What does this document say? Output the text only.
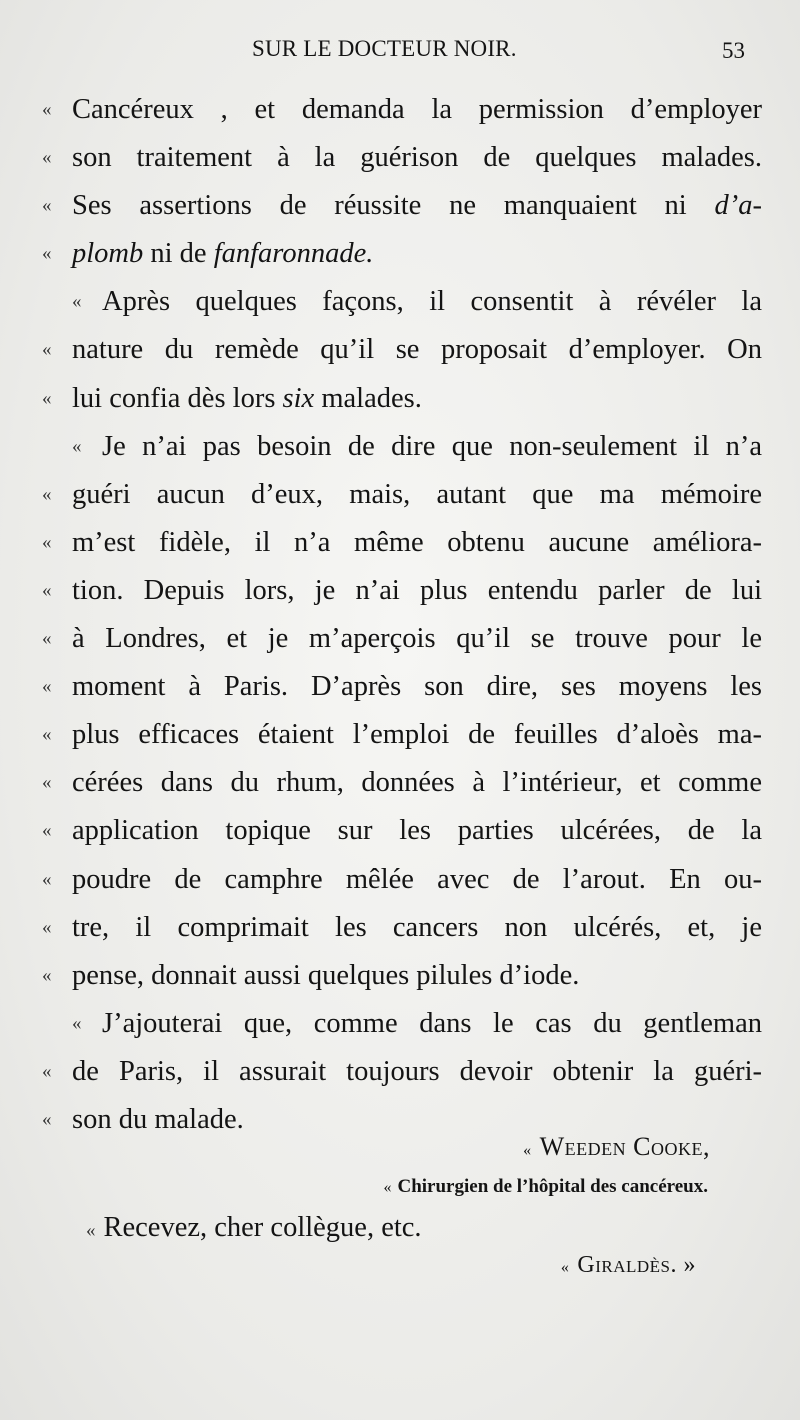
SUR LE DOCTEUR NOIR.	53
« Cancéreux , et demanda la permission d’employer
« son traitement à la guérison de quelques malades.
« Ses assertions de réussite ne manquaient ni d’a-
« plomb ni de fanfaronnade.
« Après quelques façons, il consentit à révéler la
« nature du remède qu’il se proposait d’employer. On
« lui confia dès lors six malades.
« Je n’ai pas besoin de dire que non-seulement il n’a
« guéri aucun d’eux, mais, autant que ma mémoire
« m’est fidèle, il n’a même obtenu aucune améliora-
« tion. Depuis lors, je n’ai plus entendu parler de lui
« à Londres, et je m’aperçois qu’il se trouve pour le
« moment à Paris. D’après son dire, ses moyens les
« plus efficaces étaient l’emploi de feuilles d’aloès ma-
« cérées dans du rhum, données à l’intérieur, et comme
« application topique sur les parties ulcérées, de la
« poudre de camphre mêlée avec de l’arout. En ou-
« tre, il comprimait les cancers non ulcérés, et, je
« pense, donnait aussi quelques pilules d’iode.
« J’ajouterai que, comme dans le cas du gentleman
« de Paris, il assurait toujours devoir obtenir la guéri-
« son du malade.
« Weeden Cooke,
« Chirurgien de l’hôpital des cancéreux.
« Recevez, cher collègue, etc.
« Giraldès. »
